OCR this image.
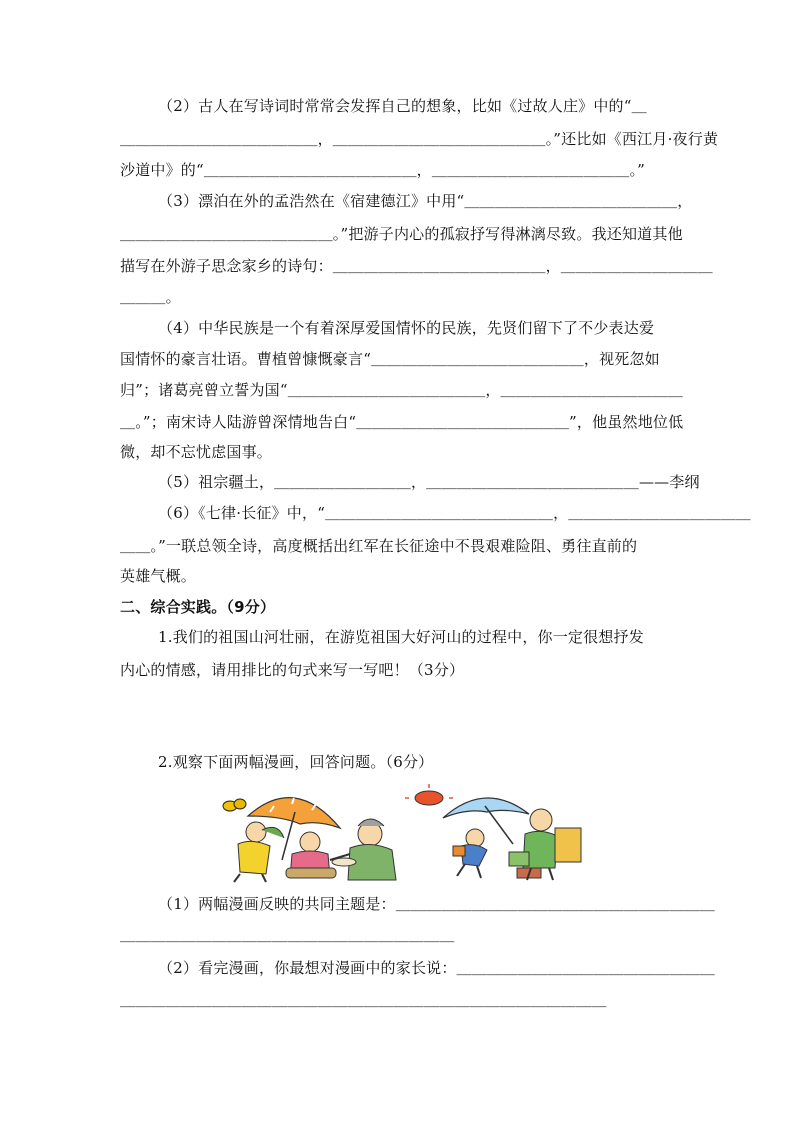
（2）古人在写诗词时常常会发挥自己的想象，比如《过故人庄》中的“＿
＿＿＿＿＿＿＿＿＿＿＿＿＿，＿＿＿＿＿＿＿＿＿＿＿＿＿＿。”还比如《西江月·夜行黄
沙道中》的“＿＿＿＿＿＿＿＿＿＿＿＿＿＿，＿＿＿＿＿＿＿＿＿＿＿＿＿。”
（3）漂泊在外的孟浩然在《宿建德江》中用“＿＿＿＿＿＿＿＿＿＿＿＿＿＿，
＿＿＿＿＿＿＿＿＿＿＿＿＿＿。”把游子内心的孤寂抒写得淋漓尽致。我还知道其他
描写在外游子思念家乡的诗句：＿＿＿＿＿＿＿＿＿＿＿＿＿＿，＿＿＿＿＿＿＿＿＿＿
＿＿＿。
（4）中华民族是一个有着深厚爱国情怀的民族，先贤们留下了不少表达爱
国情怀的豪言壮语。曹植曾慷慨豪言“＿＿＿＿＿＿＿＿＿＿＿＿＿＿，视死忽如
归”；诸葛亮曾立誓为国“＿＿＿＿＿＿＿＿＿＿＿＿＿，＿＿＿＿＿＿＿＿＿＿＿＿
＿。”；南宋诗人陆游曾深情地告白“＿＿＿＿＿＿＿＿＿＿＿＿＿＿”，他虽然地位低
微，却不忘忧虑国事。
（5）祖宗疆土，＿＿＿＿＿＿＿＿＿，＿＿＿＿＿＿＿＿＿＿＿＿＿＿——李纲
（6）《七律·长征》中，“＿＿＿＿＿＿＿＿＿＿＿＿＿＿＿，＿＿＿＿＿＿＿＿＿＿＿＿
＿＿。”一联总领全诗，高度概括出红军在长征途中不畏艰难险阻、勇往直前的
英雄气概。
二、综合实践。（9分）
1.我们的祖国山河壮丽，在游览祖国大好河山的过程中，你一定很想抒发
内心的情感，请用排比的句式来写一写吧！（3分）
2.观察下面两幅漫画，回答问题。（6分）
（1）两幅漫画反映的共同主题是：＿＿＿＿＿＿＿＿＿＿＿＿＿＿＿＿＿＿＿＿＿
＿＿＿＿＿＿＿＿＿＿＿＿＿＿＿＿＿＿＿＿＿＿
（2）看完漫画，你最想对漫画中的家长说：＿＿＿＿＿＿＿＿＿＿＿＿＿＿＿＿＿
＿＿＿＿＿＿＿＿＿＿＿＿＿＿＿＿＿＿＿＿＿＿＿＿＿＿＿＿＿＿＿＿
